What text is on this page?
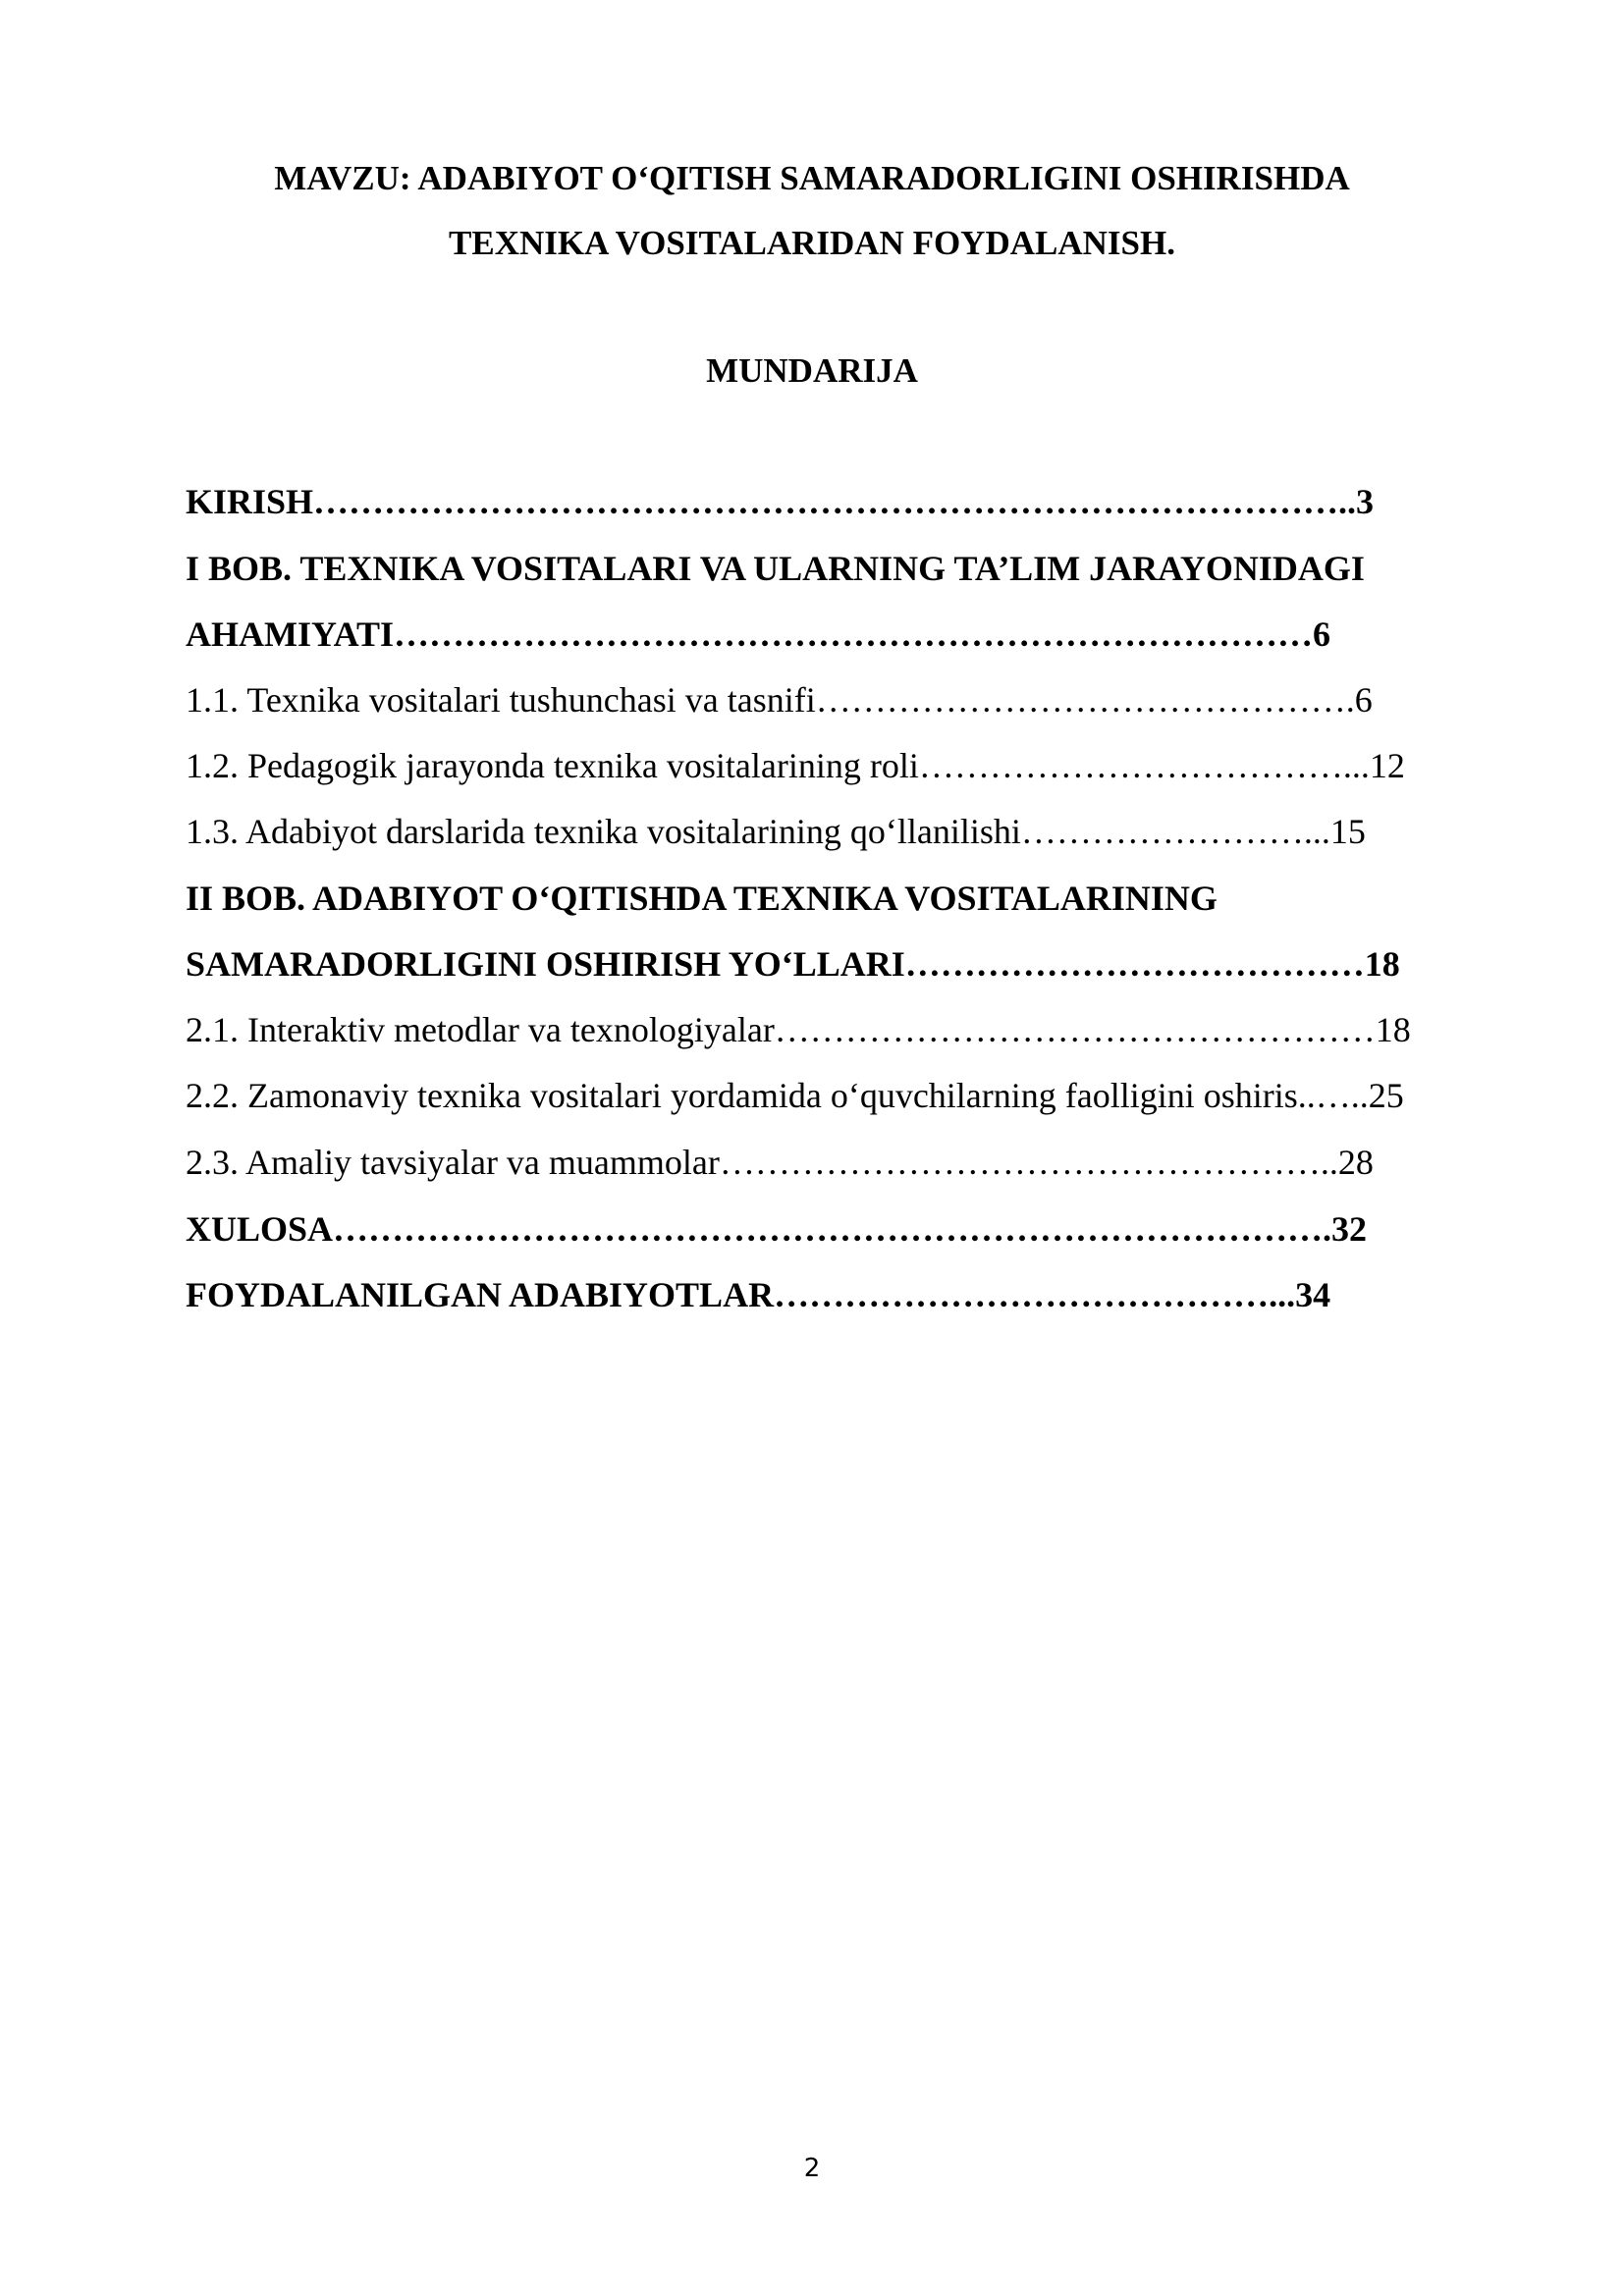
MAVZU: ADABIYOT O‘QITISH SAMARADORLIGINI OSHIRISHDA
TEXNIKA VOSITALARIDAN FOYDALANISH.
MUNDARIJA
KIRISH……………………………………………………………………………..3
I BOB. TEXNIKA VOSITALARI VA ULARNING TA’LIM JARAYONIDAGI
AHAMIYATI……………………………………………………………………6
1.1. Texnika vositalari tushunchasi va tasnifi……………………………………….6
1.2. Pedagogik jarayonda texnika vositalarining roli………………………………...12
1.3. Adabiyot darslarida texnika vositalarining qo‘llanilishi……………………...15
II BOB. ADABIYOT O‘QITISHDA TEXNIKA VOSITALARINING
SAMARADORLIGINI OSHIRISH YO‘LLARI…………………………………18
2.1. Interaktiv metodlar va texnologiyalar……………………………………………18
2.2. Zamonaviy texnika vositalari yordamida o‘quvchilarning faolligini oshiris..…..25
2.3. Amaliy tavsiyalar va muammolar……………………………………………..28
XULOSA………………………………………………………………………….32
FOYDALANILGAN ADABIYOTLAR……………………………………...34
2
